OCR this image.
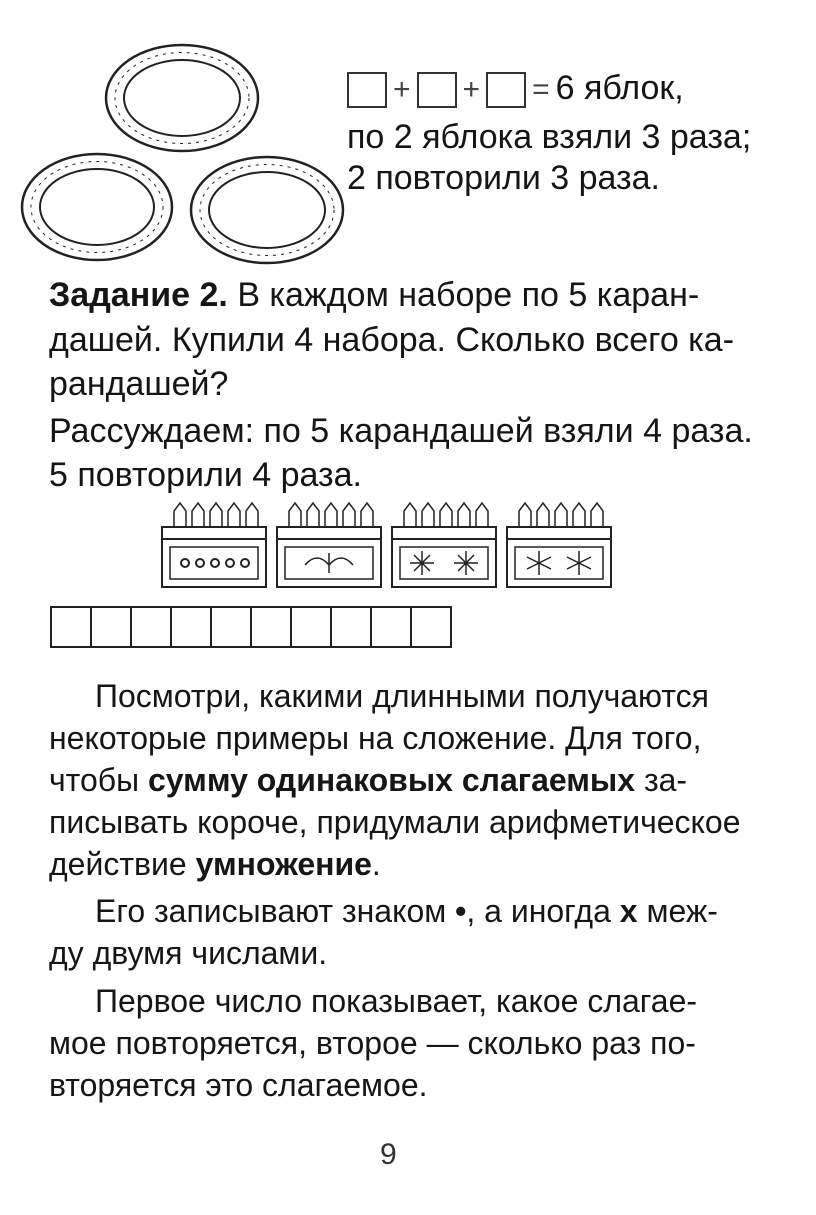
+ + = 6 яблок,
по 2 яблока взяли 3 раза;
2 повторили 3 раза.
Задание 2. В каждом наборе по 5 каран-
дашей. Купили 4 набора. Сколько всего ка-
рандашей?
Рассуждаем: по 5 карандашей взяли 4 раза.
5 повторили 4 раза.
Посмотри, какими длинными получаются
некоторые примеры на сложение. Для того,
чтобы сумму одинаковых слагаемых за-
писывать короче, придумали арифметическое
действие умножение.
Его записывают знаком •, а иногда x меж-
ду двумя числами.
Первое число показывает, какое слагае-
мое повторяется, второе — сколько раз по-
вторяется это слагаемое.
9
